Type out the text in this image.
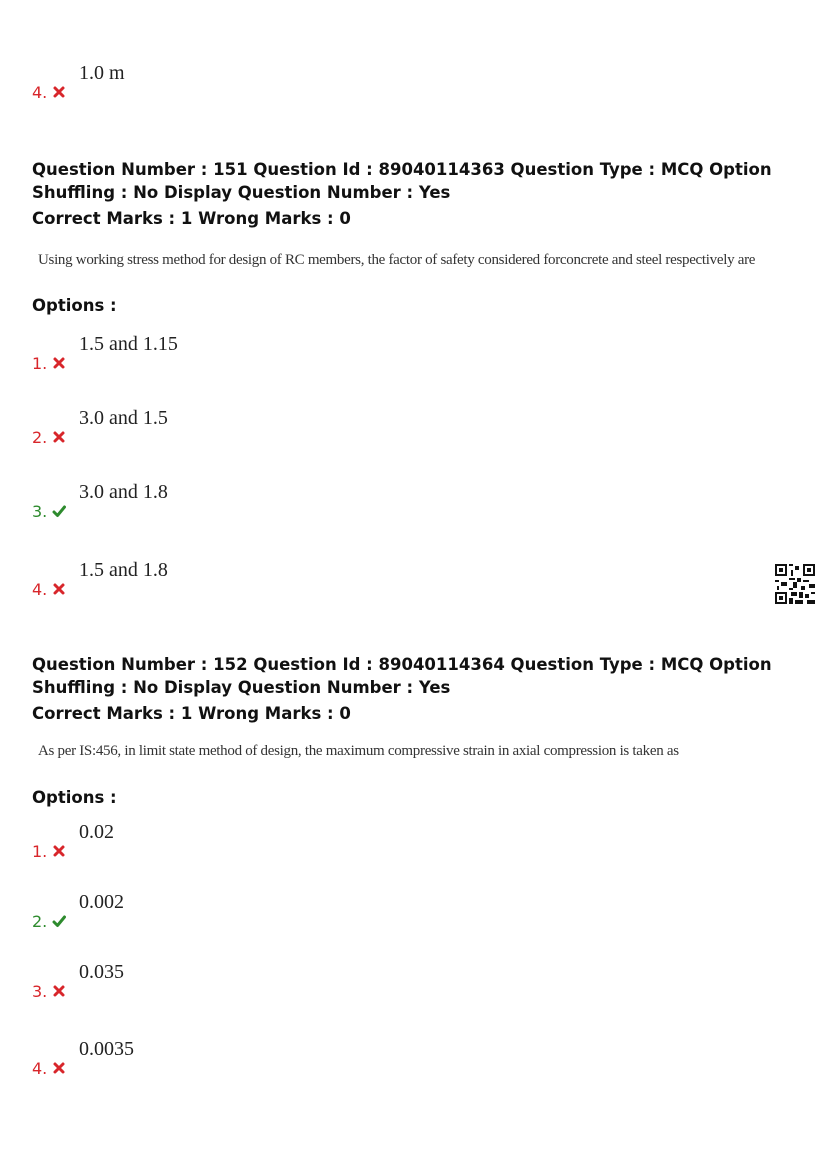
4.
1.0 m
Question Number : 151 Question Id : 89040114363 Question Type : MCQ Option Shuffling : No Display Question Number : Yes
Correct Marks : 1 Wrong Marks : 0
Using working stress method for design of RC members, the factor of safety considered forconcrete and steel respectively are
Options :
1.
1.5 and 1.15
2.
3.0 and 1.5
3.
3.0 and 1.8
4.
1.5 and 1.8
Question Number : 152 Question Id : 89040114364 Question Type : MCQ Option Shuffling : No Display Question Number : Yes
Correct Marks : 1 Wrong Marks : 0
As per IS:456, in limit state method of design, the maximum compressive strain in axial compression is taken as
Options :
1.
0.02
2.
0.002
3.
0.035
4.
0.0035
